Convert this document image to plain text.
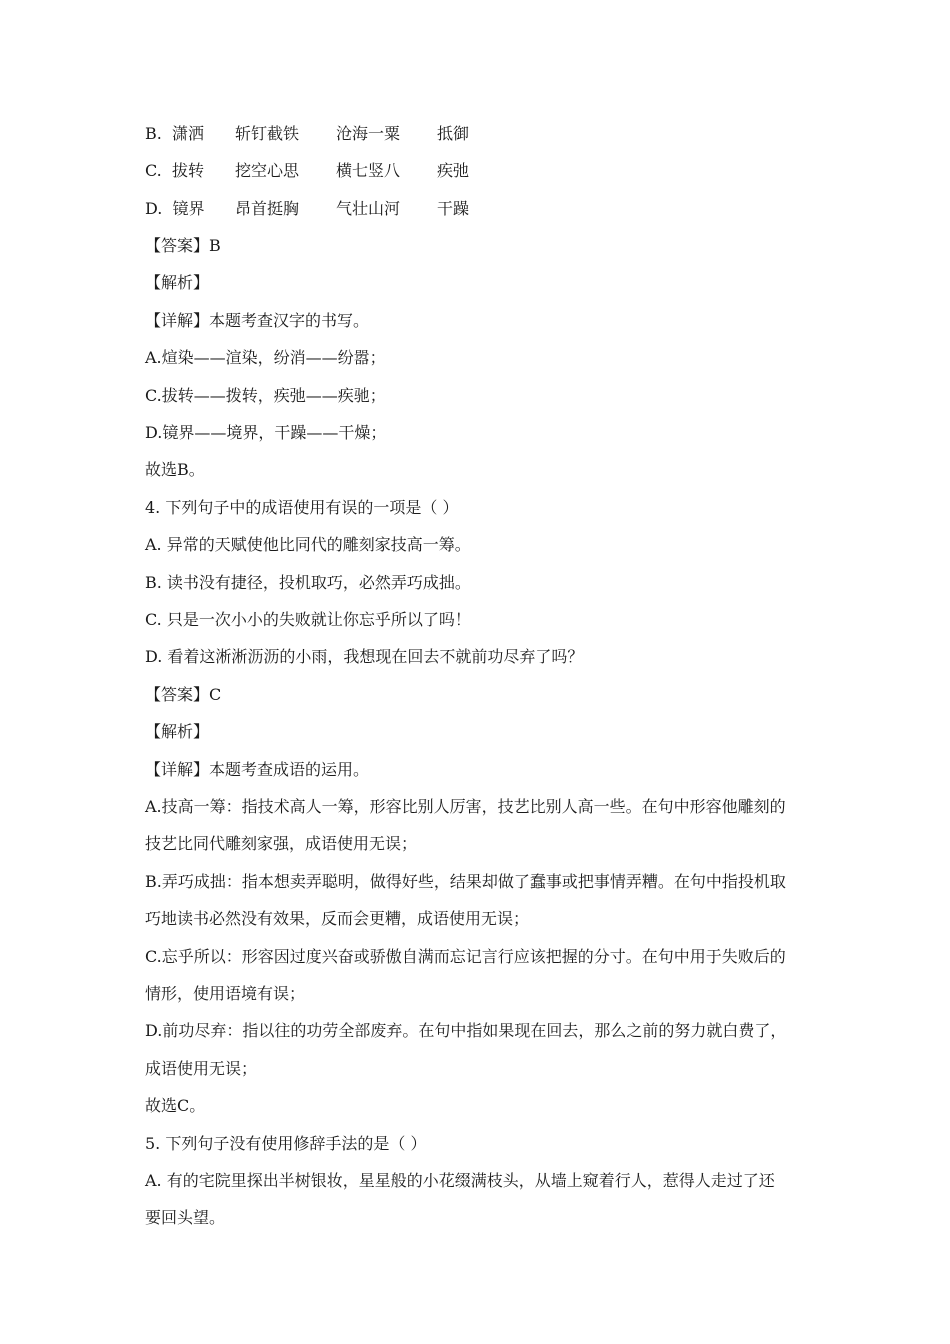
B. 潇洒	斩钉截铁	沧海一粟	抵御
C. 拔转	挖空心思	横七竖八	疾弛
D. 镜界	昂首挺胸	气壮山河	干躁
【答案】B
【解析】
【详解】本题考查汉字的书写。
A.煊染——渲染，纷消——纷嚣；
C.拔转——拨转，疾弛——疾驰；
D.镜界——境界，干躁——干燥；
故选B。
4. 下列句子中的成语使用有误的一项是（ ）
A. 异常的天赋使他比同代的雕刻家技高一筹。
B. 读书没有捷径，投机取巧，必然弄巧成拙。
C. 只是一次小小的失败就让你忘乎所以了吗！
D. 看着这淅淅沥沥的小雨，我想现在回去不就前功尽弃了吗？
【答案】C
【解析】
【详解】本题考查成语的运用。
A.技高一筹：指技术高人一筹，形容比别人厉害，技艺比别人高一些。在句中形容他雕刻的
技艺比同代雕刻家强，成语使用无误；
B.弄巧成拙：指本想卖弄聪明，做得好些，结果却做了蠢事或把事情弄糟。在句中指投机取
巧地读书必然没有效果，反而会更糟，成语使用无误；
C.忘乎所以：形容因过度兴奋或骄傲自满而忘记言行应该把握的分寸。在句中用于失败后的
情形，使用语境有误；
D.前功尽弃：指以往的功劳全部废弃。在句中指如果现在回去，那么之前的努力就白费了，
成语使用无误；
故选C。
5. 下列句子没有使用修辞手法的是（ ）
A. 有的宅院里探出半树银妆，星星般的小花缀满枝头，从墙上窥着行人，惹得人走过了还
要回头望。
